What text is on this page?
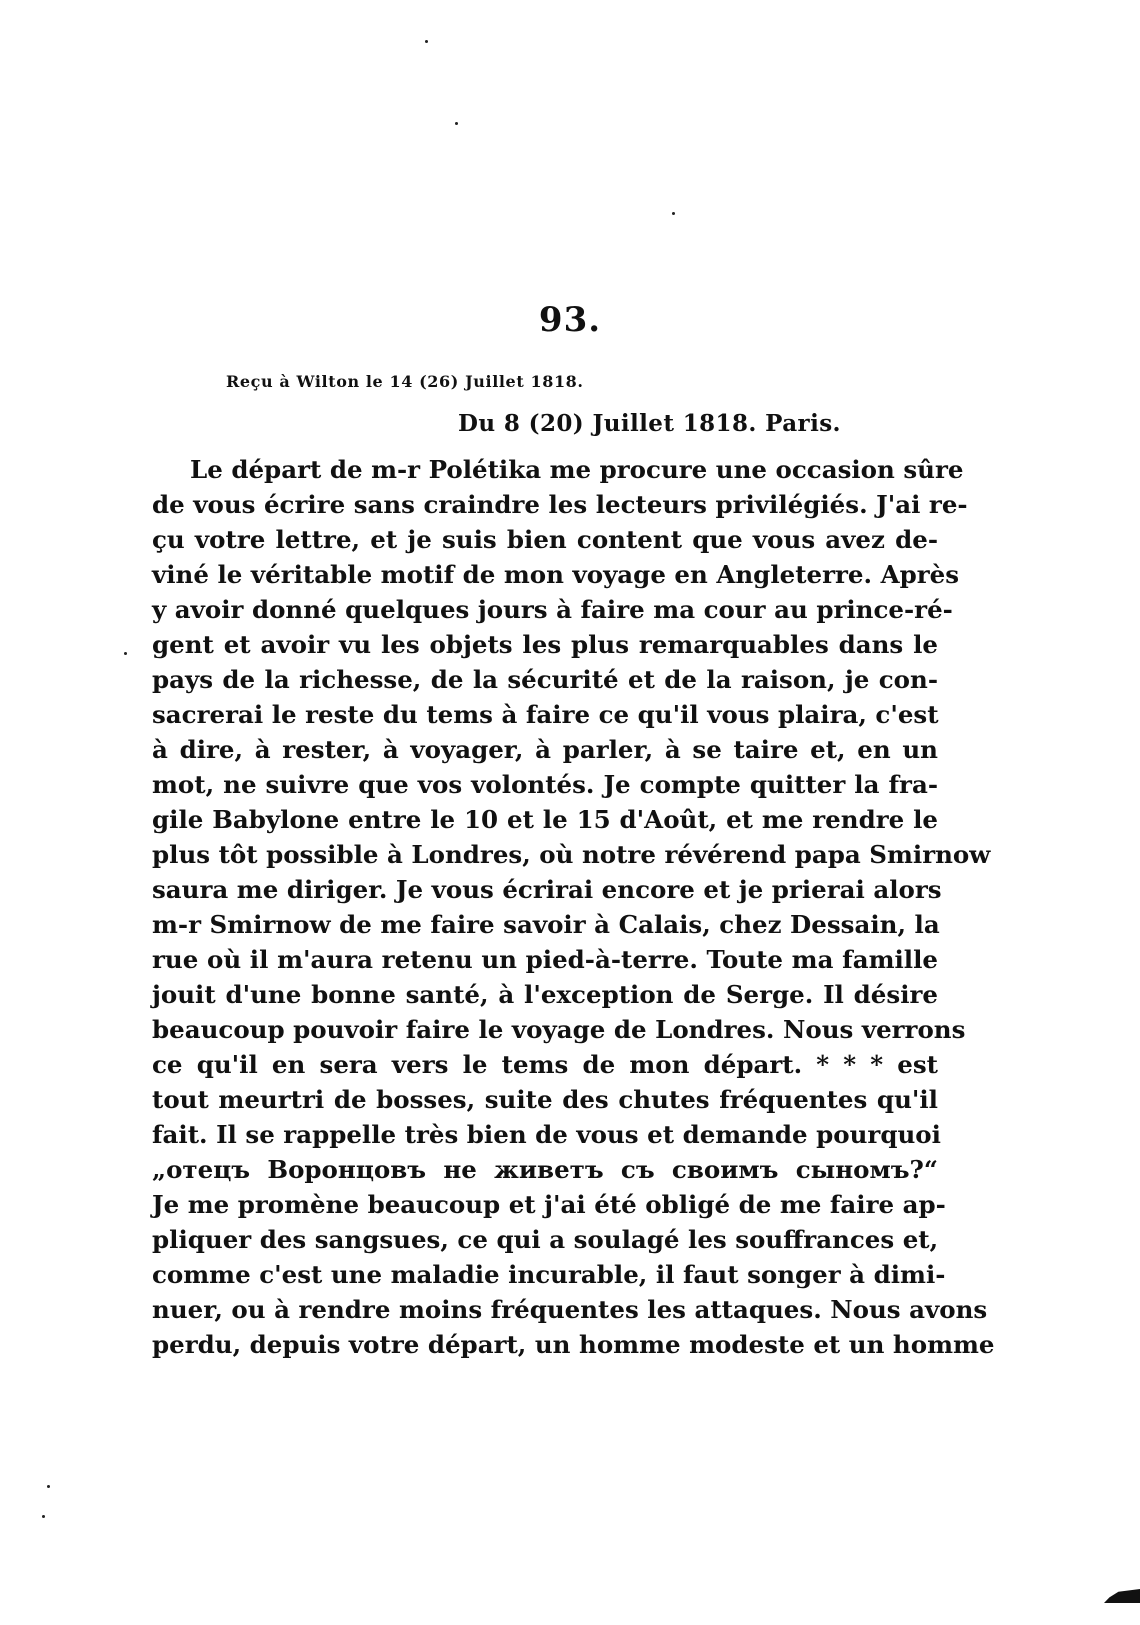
93.
Reçu à Wilton le 14 (26) Juillet 1818.
Du 8 (20) Juillet 1818. Paris.
Le départ de m-r Polétika me procure une occasion sûre
de vous écrire sans craindre les lecteurs privilégiés. J'ai re-
çu votre lettre, et je suis bien content que vous avez de-
viné le véritable motif de mon voyage en Angleterre. Après
y avoir donné quelques jours à faire ma cour au prince-ré-
gent et avoir vu les objets les plus remarquables dans le
pays de la richesse, de la sécurité et de la raison, je con-
sacrerai le reste du tems à faire ce qu'il vous plaira, c'est
à dire, à rester, à voyager, à parler, à se taire et, en un
mot, ne suivre que vos volontés. Je compte quitter la fra-
gile Babylone entre le 10 et le 15 d'Août, et me rendre le
plus tôt possible à Londres, où notre révérend papa Smirnow
saura me diriger. Je vous écrirai encore et je prierai alors
m-r Smirnow de me faire savoir à Calais, chez Dessain, la
rue où il m'aura retenu un pied-à-terre. Toute ma famille
jouit d'une bonne santé, à l'exception de Serge. Il désire
beaucoup pouvoir faire le voyage de Londres. Nous verrons
ce qu'il en sera vers le tems de mon départ. * * * est
tout meurtri de bosses, suite des chutes fréquentes qu'il
fait. Il se rappelle très bien de vous et demande pourquoi
„отецъ Воронцовъ не живетъ съ своимъ сыномъ?“
Je me promène beaucoup et j'ai été obligé de me faire ap-
pliquer des sangsues, ce qui a soulagé les souffrances et,
comme c'est une maladie incurable, il faut songer à dimi-
nuer, ou à rendre moins fréquentes les attaques. Nous avons
perdu, depuis votre départ, un homme modeste et un homme
